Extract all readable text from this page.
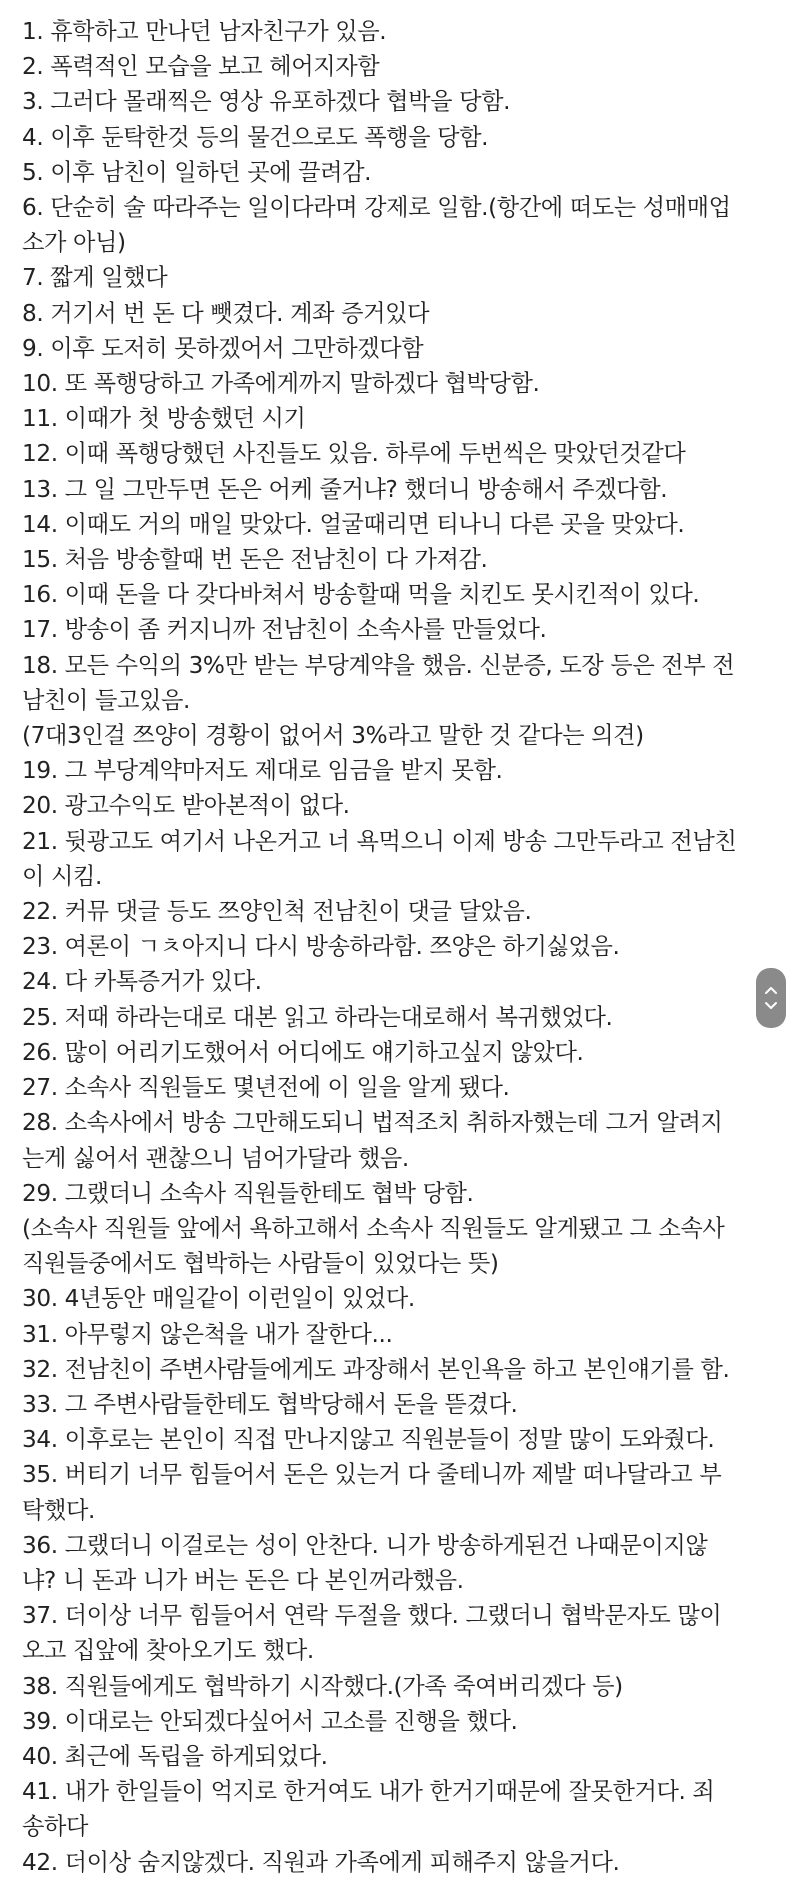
1. 휴학하고 만나던 남자친구가 있음.
2. 폭력적인 모습을 보고 헤어지자함
3. 그러다 몰래찍은 영상 유포하겠다 협박을 당함.
4. 이후 둔탁한것 등의 물건으로도 폭행을 당함.
5. 이후 남친이 일하던 곳에 끌려감.
6. 단순히 술 따라주는 일이다라며 강제로 일함.(항간에 떠도는 성매매업
소가 아님)
7. 짧게 일했다
8. 거기서 번 돈 다 뺏겼다. 계좌 증거있다
9. 이후 도저히 못하겠어서 그만하겠다함
10. 또 폭행당하고 가족에게까지 말하겠다 협박당함.
11. 이때가 첫 방송했던 시기
12. 이때 폭행당했던 사진들도 있음. 하루에 두번씩은 맞았던것같다
13. 그 일 그만두면 돈은 어케 줄거냐? 했더니 방송해서 주겠다함.
14. 이때도 거의 매일 맞았다. 얼굴때리면 티나니 다른 곳을 맞았다.
15. 처음 방송할때 번 돈은 전남친이 다 가져감.
16. 이때 돈을 다 갖다바쳐서 방송할때 먹을 치킨도 못시킨적이 있다.
17. 방송이 좀 커지니까 전남친이 소속사를 만들었다.
18. 모든 수익의 3%만 받는 부당계약을 했음. 신분증, 도장 등은 전부 전
남친이 들고있음.
(7대3인걸 쯔양이 경황이 없어서 3%라고 말한 것 같다는 의견)
19. 그 부당계약마저도 제대로 임금을 받지 못함.
20. 광고수익도 받아본적이 없다.
21. 뒷광고도 여기서 나온거고 너 욕먹으니 이제 방송 그만두라고 전남친
이 시킴.
22. 커뮤 댓글 등도 쯔양인척 전남친이 댓글 달았음.
23. 여론이 ㄱㅊ아지니 다시 방송하라함. 쯔양은 하기싫었음.
24. 다 카톡증거가 있다.
25. 저때 하라는대로 대본 읽고 하라는대로해서 복귀했었다.
26. 많이 어리기도했어서 어디에도 얘기하고싶지 않았다.
27. 소속사 직원들도 몇년전에 이 일을 알게 됐다.
28. 소속사에서 방송 그만해도되니 법적조치 취하자했는데 그거 알려지
는게 싫어서 괜찮으니 넘어가달라 했음.
29. 그랬더니 소속사 직원들한테도 협박 당함.
(소속사 직원들 앞에서 욕하고해서 소속사 직원들도 알게됐고 그 소속사
직원들중에서도 협박하는 사람들이 있었다는 뜻)
30. 4년동안 매일같이 이런일이 있었다.
31. 아무렇지 않은척을 내가 잘한다...
32. 전남친이 주변사람들에게도 과장해서 본인욕을 하고 본인얘기를 함.
33. 그 주변사람들한테도 협박당해서 돈을 뜯겼다.
34. 이후로는 본인이 직접 만나지않고 직원분들이 정말 많이 도와줬다.
35. 버티기 너무 힘들어서 돈은 있는거 다 줄테니까 제발 떠나달라고 부
탁했다.
36. 그랬더니 이걸로는 성이 안찬다. 니가 방송하게된건 나때문이지않
냐? 니 돈과 니가 버는 돈은 다 본인꺼라했음.
37. 더이상 너무 힘들어서 연락 두절을 했다. 그랬더니 협박문자도 많이
오고 집앞에 찾아오기도 했다.
38. 직원들에게도 협박하기 시작했다.(가족 죽여버리겠다 등)
39. 이대로는 안되겠다싶어서 고소를 진행을 했다.
40. 최근에 독립을 하게되었다.
41. 내가 한일들이 억지로 한거여도 내가 한거기때문에 잘못한거다. 죄
송하다
42. 더이상 숨지않겠다. 직원과 가족에게 피해주지 않을거다.
